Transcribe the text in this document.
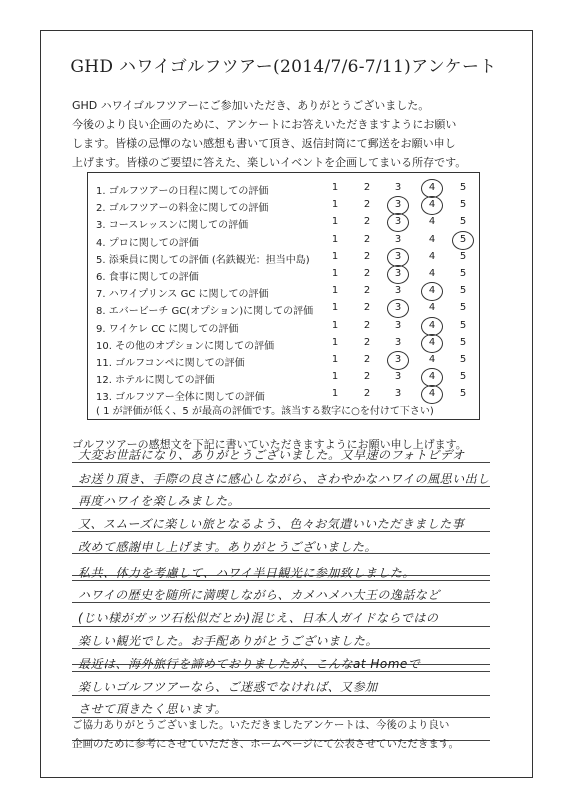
GHD ハワイゴルフツアー(2014/7/6-7/11)アンケート
GHD ハワイゴルフツアーにご参加いただき、ありがとうございました。
今後のより良い企画のために、アンケートにお答えいただきますようにお願い
します。皆様の忌憚のない感想も書いて頂き、返信封筒にて郵送をお願い申し
上げます。皆様のご要望に答えた、楽しいイベントを企画してまいる所存です。
( 1 が評価が低く、5 が最高の評価です。該当する数字に○を付けて下さい)
1. ゴルフツアーの日程に関しての評価	1	2	3	4	5
2. ゴルフツアーの料金に関しての評価	1	2	3	4	5
3. コースレッスンに関しての評価	1	2	3	4	5
4. プロに関しての評価	1	2	3	4	5
5. 添乗員に関しての評価 (名鉄観光：担当中島)	1	2	3	4	5
6. 食事に関しての評価	1	2	3	4	5
7. ハワイプリンス GC に関しての評価	1	2	3	4	5
8. エバービーチ GC(オプション)に関しての評価	1	2	3	4	5
9. ワイケレ CC に関しての評価	1	2	3	4	5
10. その他のオプションに関しての評価	1	2	3	4	5
11. ゴルフコンペに関しての評価	1	2	3	4	5
12. ホテルに関しての評価	1	2	3	4	5
13. ゴルフツアー全体に関しての評価	1	2	3	4	5
ゴルフツアーの感想文を下記に書いていただきますようにお願い申し上げます。
大変お世話になり、ありがとうございました。又早速のフォトビデオ
お送り頂き、手際の良さに感心しながら、さわやかなハワイの風思い出し
再度ハワイを楽しみました。
又、スムーズに楽しい旅となるよう、色々お気遣いいただきました事
改めて感謝申し上げます。ありがとうございました。
私共、体力を考慮して、ハワイ半日観光に参加致しました。
ハワイの歴史を随所に満喫しながら、カメハメハ大王の逸話など
(じい様がガッツ石松似だとか)混じえ、日本人ガイドならではの
楽しい観光でした。お手配ありがとうございました。
最近は、海外旅行を諦めておりましたが、こんなat Homeで
楽しいゴルフツアーなら、ご迷惑でなければ、又参加
させて頂きたく思います。
ご協力ありがとうございました。いただきましたアンケートは、今後のより良い
企画のために参考にさせていただき、ホームページにて公表させていただきます。
